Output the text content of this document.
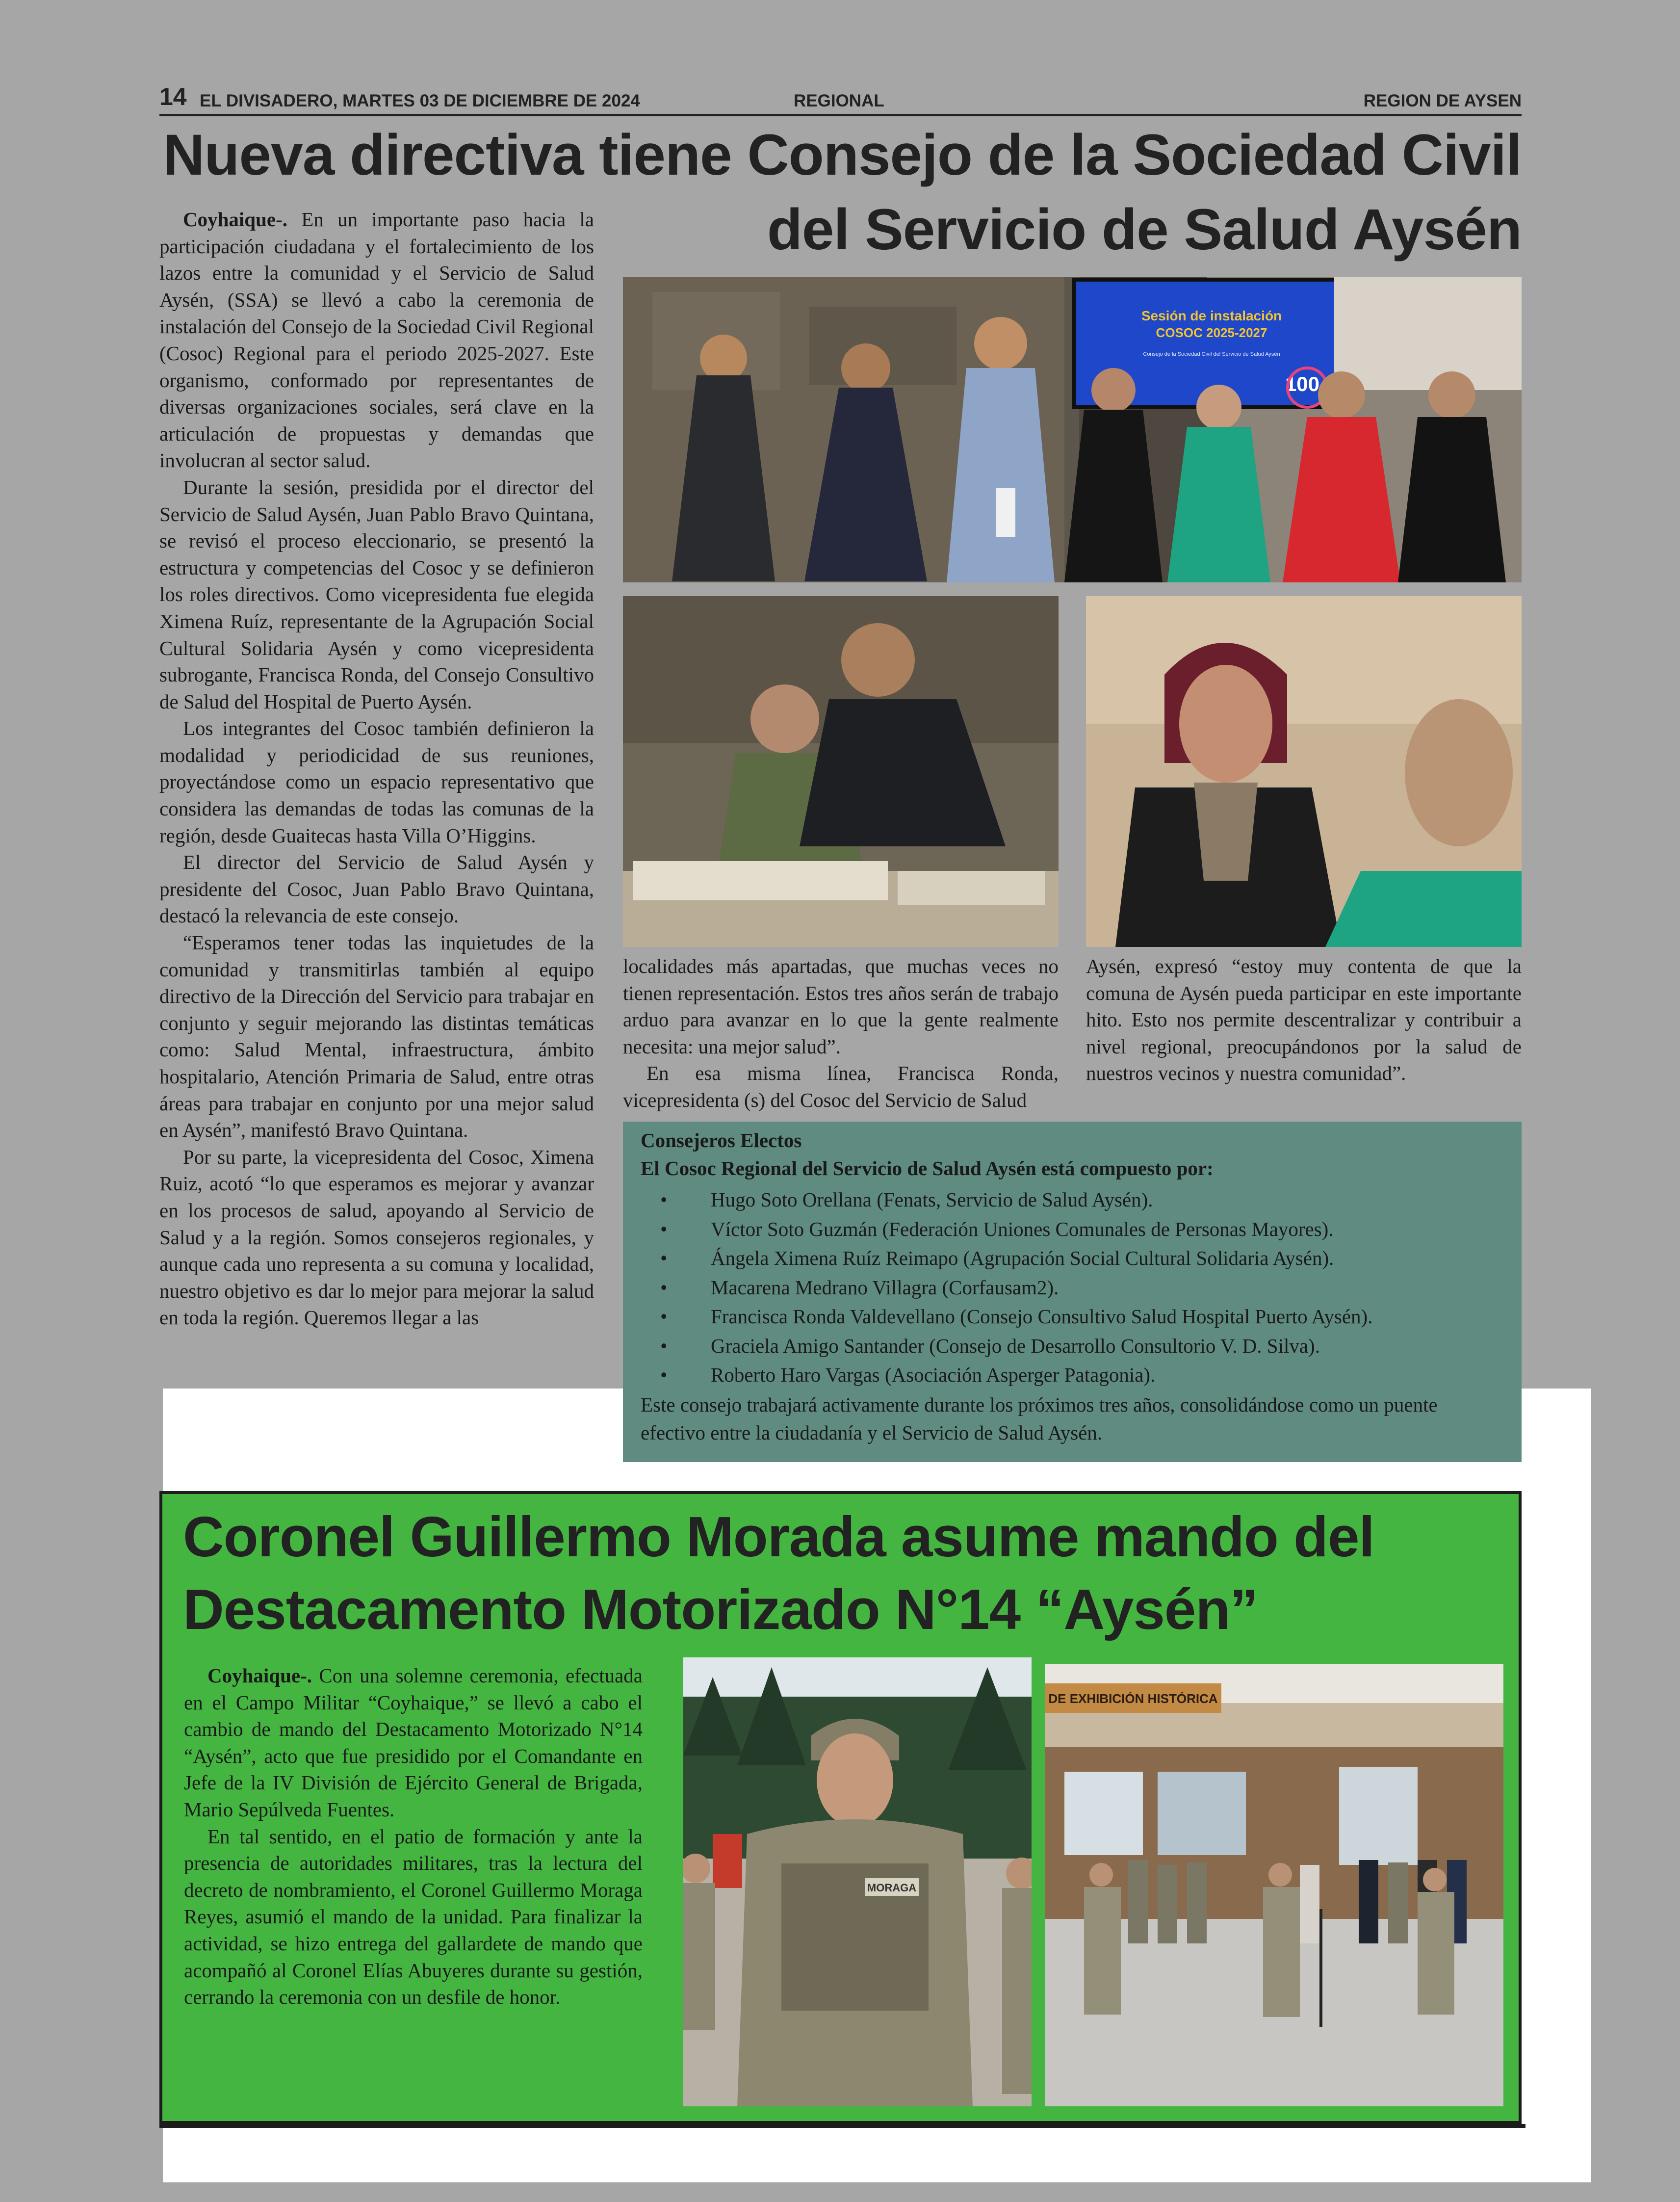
14 EL DIVISADERO, MARTES 03 DE DICIEMBRE DE 2024	REGIONAL	REGION DE AYSEN
Nueva directiva tiene Consejo de la Sociedad Civil
del Servicio de Salud Aysén

Coyhaique-. En un importante paso hacia la participación ciudadana y el fortalecimiento de los lazos entre la comunidad y el Servicio de Salud Aysén, (SSA) se llevó a cabo la ceremonia de instalación del Consejo de la Sociedad Civil Regional (Cosoc) Regional para el periodo 2025-2027. Este organismo, conformado por representantes de diversas organizaciones sociales, será clave en la articulación de propuestas y demandas que involucran al sector salud.

Durante la sesión, presidida por el director del Servicio de Salud Aysén, Juan Pablo Bravo Quintana, se revisó el proceso eleccionario, se presentó la estructura y competencias del Cosoc y se definieron los roles directivos. Como vicepresidenta fue elegida Ximena Ruíz, representante de la Agrupación Social Cultural Solidaria Aysén y como vicepresidenta subrogante, Francisca Ronda, del Consejo Consultivo de Salud del Hospital de Puerto Aysén.

Los integrantes del Cosoc también definieron la modalidad y periodicidad de sus reuniones, proyectándose como un espacio representativo que considera las demandas de todas las comunas de la región, desde Guaitecas hasta Villa O’Higgins.

El director del Servicio de Salud Aysén y presidente del Cosoc, Juan Pablo Bravo Quintana, destacó la relevancia de este consejo.

“Esperamos tener todas las inquietudes de la comunidad y transmitirlas también al equipo directivo de la Dirección del Servicio para trabajar en conjunto y seguir mejorando las distintas temáticas como: Salud Mental, infraestructura, ámbito hospitalario, Atención Primaria de Salud, entre otras áreas para trabajar en conjunto por una mejor salud en Aysén”, manifestó Bravo Quintana.

Por su parte, la vicepresidenta del Cosoc, Ximena Ruiz, acotó “lo que esperamos es mejorar y avanzar en los procesos de salud, apoyando al Servicio de Salud y a la región. Somos consejeros regionales, y aunque cada uno representa a su comuna y localidad, nuestro objetivo es dar lo mejor para mejorar la salud en toda la región. Queremos llegar a las

Sesión de instalación
COSOC 2025-2027
Consejo de la Sociedad Civil del Servicio de Salud Aysén
100

localidades más apartadas, que muchas veces no tienen representación. Estos tres años serán de trabajo arduo para avanzar en lo que la gente realmente necesita: una mejor salud”.

En esa misma línea, Francisca Ronda, vicepresidenta (s) del Cosoc del Servicio de Salud

Aysén, expresó “estoy muy contenta de que la comuna de Aysén pueda participar en este importante hito. Esto nos permite descentralizar y contribuir a nivel regional, preocupándonos por la salud de nuestros vecinos y nuestra comunidad”.

Consejeros Electos
El Cosoc Regional del Servicio de Salud Aysén está compuesto por:
• Hugo Soto Orellana (Fenats, Servicio de Salud Aysén).
• Víctor Soto Guzmán (Federación Uniones Comunales de Personas Mayores).
• Ángela Ximena Ruíz Reimapo (Agrupación Social Cultural Solidaria Aysén).
• Macarena Medrano Villagra (Corfausam2).
• Francisca Ronda Valdevellano (Consejo Consultivo Salud Hospital Puerto Aysén).
• Graciela Amigo Santander (Consejo de Desarrollo Consultorio V. D. Silva).
• Roberto Haro Vargas (Asociación Asperger Patagonia).
Este consejo trabajará activamente durante los próximos tres años, consolidándose como un puente efectivo entre la ciudadanía y el Servicio de Salud Aysén.
Coronel Guillermo Morada asume mando del
Destacamento Motorizado N°14 “Aysén”

Coyhaique-. Con una solemne ceremonia, efectuada en el Campo Militar “Coyhaique,” se llevó a cabo el cambio de mando del Destacamento Motorizado N°14 “Aysén”, acto que fue presidido por el Comandante en Jefe de la IV División de Ejército General de Brigada, Mario Sepúlveda Fuentes.

En tal sentido, en el patio de formación y ante la presencia de autoridades militares, tras la lectura del decreto de nombramiento, el Coronel Guillermo Moraga Reyes, asumió el mando de la unidad. Para finalizar la actividad, se hizo entrega del gallardete de mando que acompañó al Coronel Elías Abuyeres durante su gestión, cerrando la ceremonia con un desfile de honor.

MORAGA
DE EXHIBICIÓN HISTÓRICA
